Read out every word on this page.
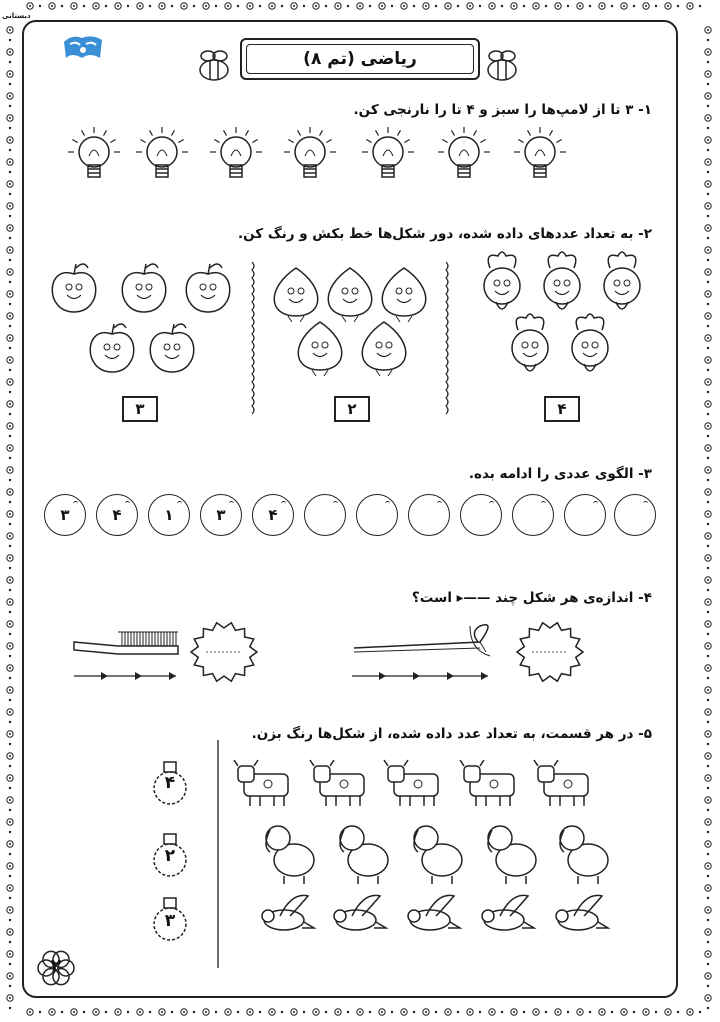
دبستانی
ریاضی (تم ۸)
۱- ۳ تا از لامپ‌ها را سبز و ۴ تا را نارنجی کن.
۲- به تعداد عددهای داده شده، دور شکل‌ها خط بکش و رنگ کن.
۳- الگوی عددی را ادامه بده.
۴- اندازه‌ی هر شکل چند ——▸ است؟
۵- در هر قسمت، به تعداد عدد داده شده، از شکل‌ها رنگ بزن.
۳	۲	۴
۳	۴	۱	۳	۴
۴
۲
۳
۲
